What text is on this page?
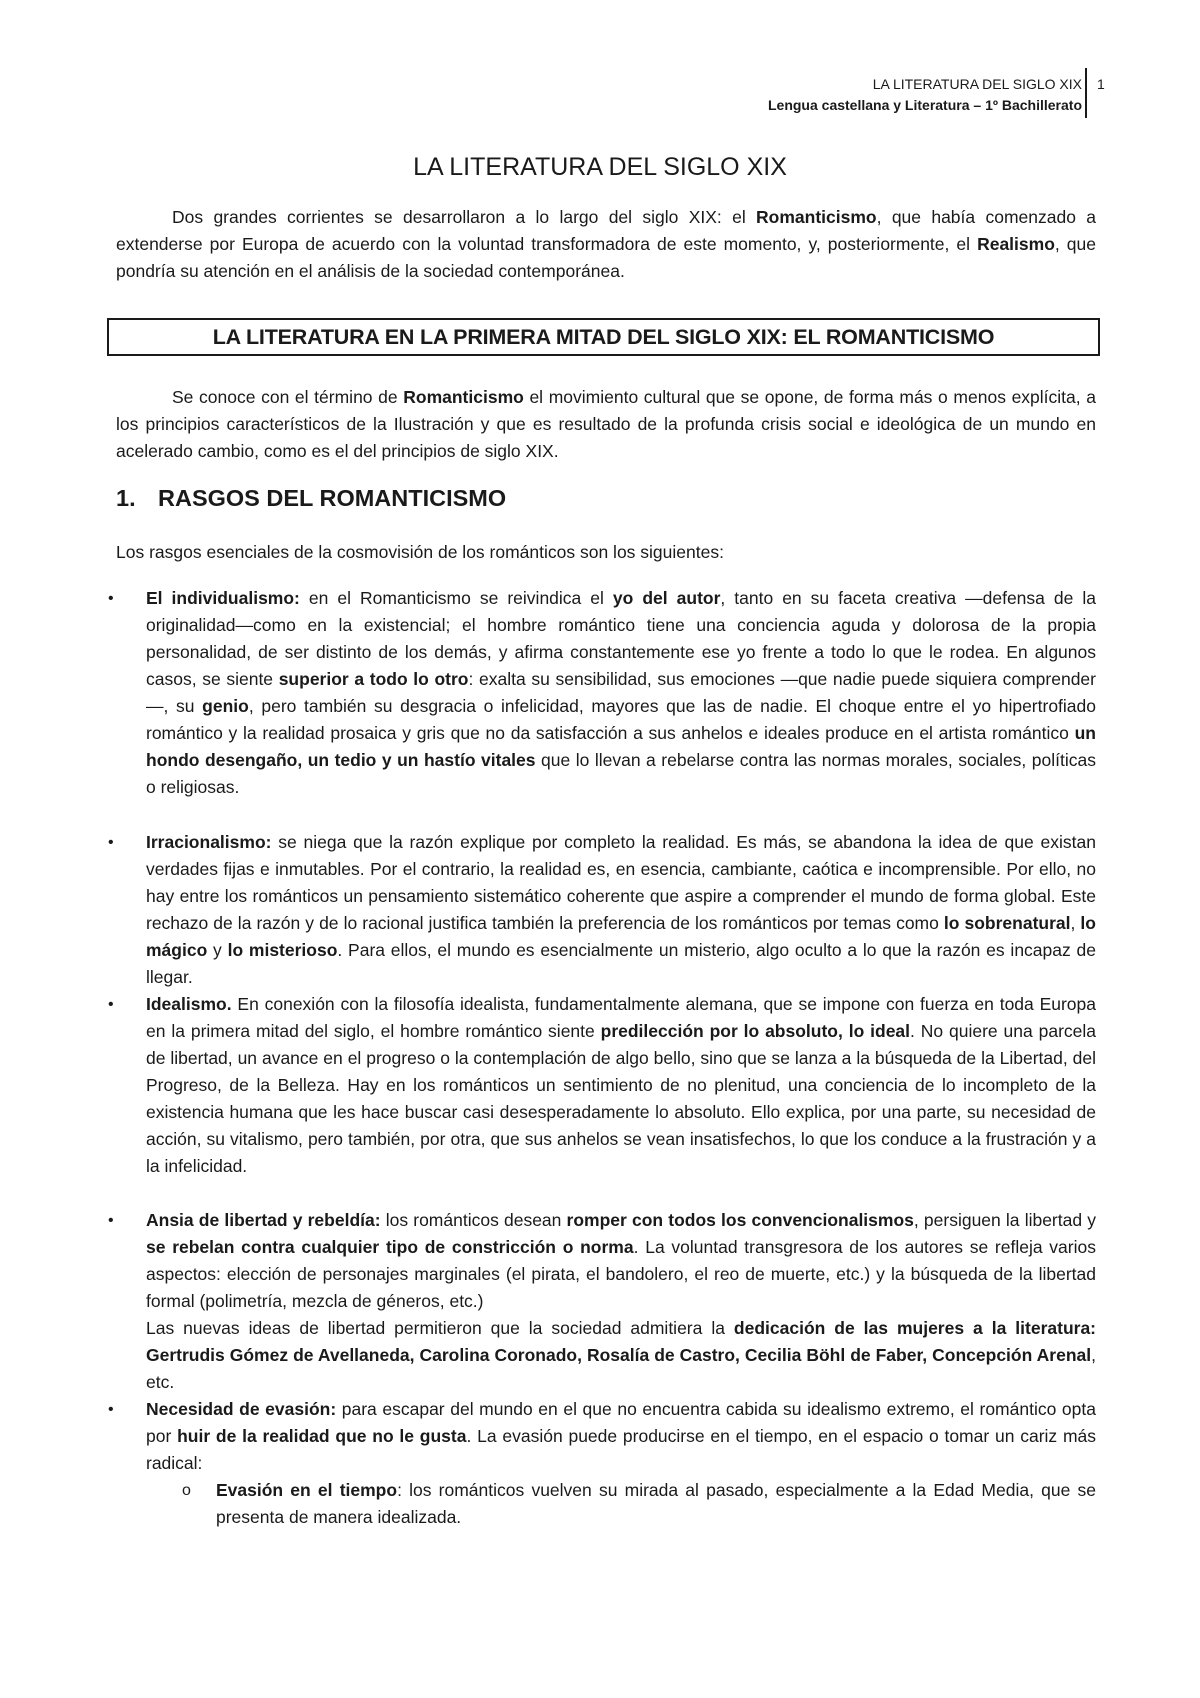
LA LITERATURA DEL SIGLO XIX
Lengua castellana y Literatura – 1º Bachillerato
1
LA LITERATURA DEL SIGLO XIX

Dos grandes corrientes se desarrollaron a lo largo del siglo XIX: el Romanticismo, que había comenzado a extenderse por Europa de acuerdo con la voluntad transformadora de este momento, y, posteriormente, el Realismo, que pondría su atención en el análisis de la sociedad contemporánea.

LA LITERATURA EN LA PRIMERA MITAD DEL SIGLO XIX: EL ROMANTICISMO

Se conoce con el término de Romanticismo el movimiento cultural que se opone, de forma más o menos explícita, a los principios característicos de la Ilustración y que es resultado de la profunda crisis social e ideológica de un mundo en acelerado cambio, como es el del principios de siglo XIX.

1. RASGOS DEL ROMANTICISMO

Los rasgos esenciales de la cosmovisión de los románticos son los siguientes:

• El individualismo: en el Romanticismo se reivindica el yo del autor, tanto en su faceta creativa —defensa de la originalidad—como en la existencial; el hombre romántico tiene una conciencia aguda y dolorosa de la propia personalidad, de ser distinto de los demás, y afirma constantemente ese yo frente a todo lo que le rodea. En algunos casos, se siente superior a todo lo otro: exalta su sensibilidad, sus emociones —que nadie puede siquiera comprender—, su genio, pero también su desgracia o infelicidad, mayores que las de nadie. El choque entre el yo hipertrofiado romántico y la realidad prosaica y gris que no da satisfacción a sus anhelos e ideales produce en el artista romántico un hondo desengaño, un tedio y un hastío vitales que lo llevan a rebelarse contra las normas morales, sociales, políticas o religiosas.

• Irracionalismo: se niega que la razón explique por completo la realidad. Es más, se abandona la idea de que existan verdades fijas e inmutables. Por el contrario, la realidad es, en esencia, cambiante, caótica e incomprensible. Por ello, no hay entre los románticos un pensamiento sistemático coherente que aspire a comprender el mundo de forma global. Este rechazo de la razón y de lo racional justifica también la preferencia de los románticos por temas como lo sobrenatural, lo mágico y lo misterioso. Para ellos, el mundo es esencialmente un misterio, algo oculto a lo que la razón es incapaz de llegar.

• Idealismo. En conexión con la filosofía idealista, fundamentalmente alemana, que se impone con fuerza en toda Europa en la primera mitad del siglo, el hombre romántico siente predilección por lo absoluto, lo ideal. No quiere una parcela de libertad, un avance en el progreso o la contemplación de algo bello, sino que se lanza a la búsqueda de la Libertad, del Progreso, de la Belleza. Hay en los románticos un sentimiento de no plenitud, una conciencia de lo incompleto de la existencia humana que les hace buscar casi desesperadamente lo absoluto. Ello explica, por una parte, su necesidad de acción, su vitalismo, pero también, por otra, que sus anhelos se vean insatisfechos, lo que los conduce a la frustración y a la infelicidad.

• Ansia de libertad y rebeldía: los románticos desean romper con todos los convencionalismos, persiguen la libertad y se rebelan contra cualquier tipo de constricción o norma. La voluntad transgresora de los autores se refleja varios aspectos: elección de personajes marginales (el pirata, el bandolero, el reo de muerte, etc.) y la búsqueda de la libertad formal (polimetría, mezcla de géneros, etc.)
Las nuevas ideas de libertad permitieron que la sociedad admitiera la dedicación de las mujeres a la literatura: Gertrudis Gómez de Avellaneda, Carolina Coronado, Rosalía de Castro, Cecilia Böhl de Faber, Concepción Arenal, etc.

• Necesidad de evasión: para escapar del mundo en el que no encuentra cabida su idealismo extremo, el romántico opta por huir de la realidad que no le gusta. La evasión puede producirse en el tiempo, en el espacio o tomar un cariz más radical:

o Evasión en el tiempo: los románticos vuelven su mirada al pasado, especialmente a la Edad Media, que se presenta de manera idealizada.
